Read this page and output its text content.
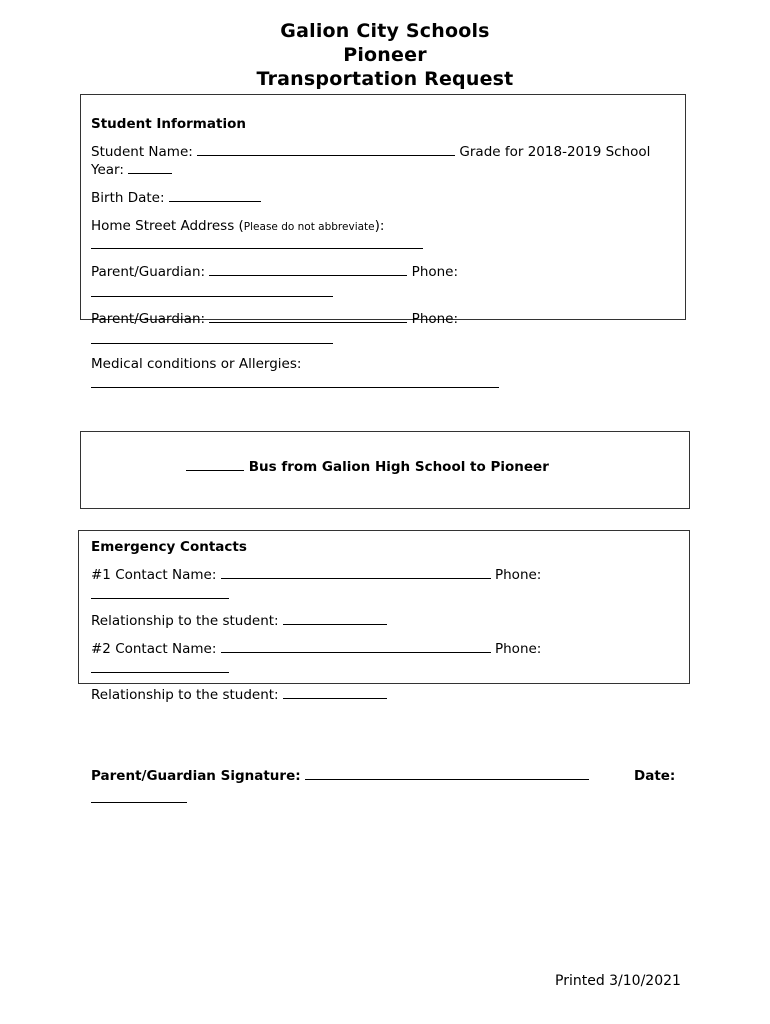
Galion City Schools
Pioneer
Transportation Request
Student Information
Student Name:	Grade for 2018-2019 School
Year:
Birth Date:
Home Street Address (Please do not abbreviate):
Parent/Guardian:	Phone:
Parent/Guardian:	Phone:
Medical conditions or Allergies:
Bus from Galion High School to Pioneer
Emergency Contacts
#1 Contact Name:	Phone:
Relationship to the student:
#2 Contact Name:	Phone:
Relationship to the student:
Parent/Guardian Signature:	Date:
Printed 3/10/2021
